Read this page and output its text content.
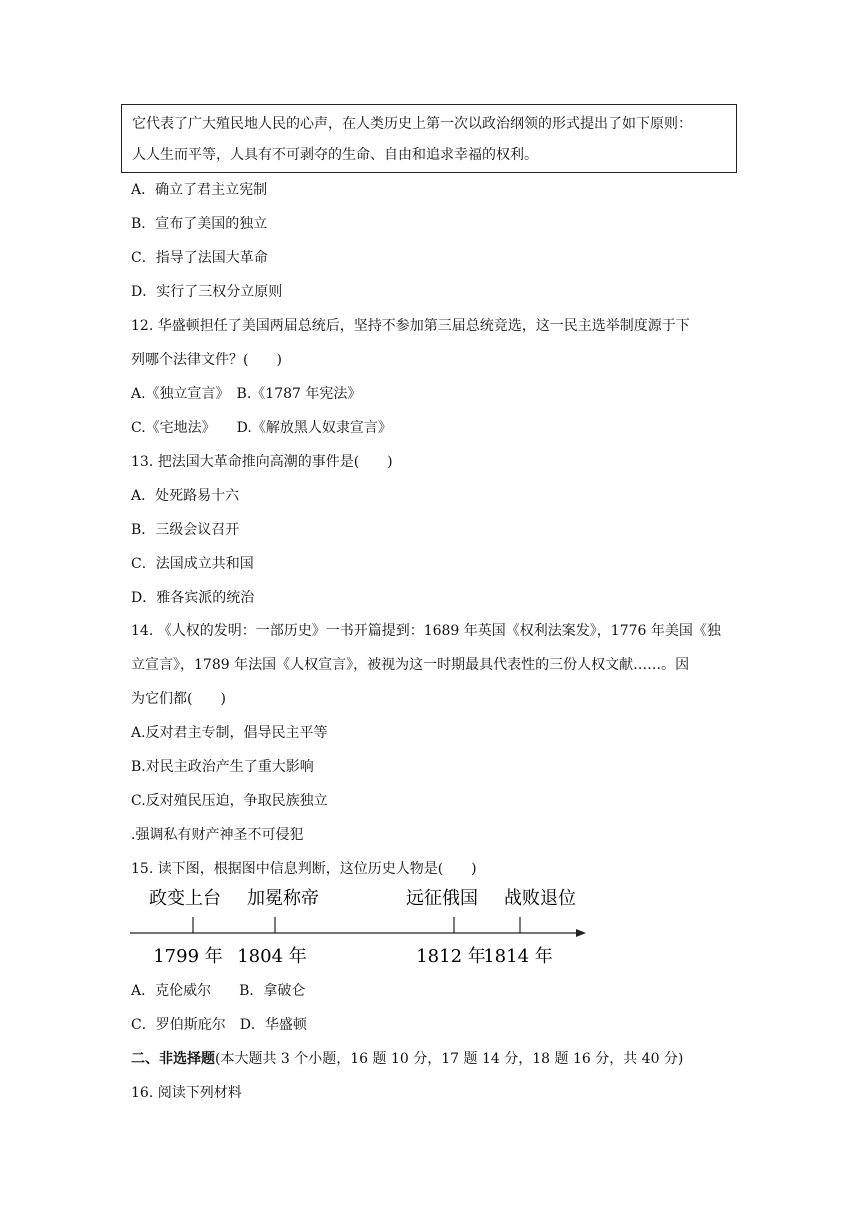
它代表了广大殖民地人民的心声，在人类历史上第一次以政治纲领的形式提出了如下原则：
人人生而平等，人具有不可剥夺的生命、自由和追求幸福的权利。
A．确立了君主立宪制
B．宣布了美国的独立
C．指导了法国大革命
D．实行了三权分立原则
12. 华盛顿担任了美国两届总统后，坚持不参加第三届总统竞选，这一民主选举制度源于下
列哪个法律文件？(　　)
A.《独立宣言》　B.《1787 年宪法》
C.《宅地法》　　D.《解放黑人奴隶宣言》
13. 把法国大革命推向高潮的事件是(　　)
A．处死路易十六
B．三级会议召开
C．法国成立共和国
D．雅各宾派的统治
14. 《人权的发明：一部历史》一书开篇提到：1689 年英国《权利法案发》，1776 年美国《独
立宣言》，1789 年法国《人权宣言》，被视为这一时期最具代表性的三份人权文献……。因
为它们都(　　)
A.反对君主专制，倡导民主平等
B.对民主政治产生了重大影响
C.反对殖民压迫，争取民族独立
.强调私有财产神圣不可侵犯
15. 读下图，根据图中信息判断，这位历史人物是(　　)
政变上台 加冕称帝	远征俄国 战败退位
1799 年 1804 年	1812 年
1814 年
A．克伦威尔　　B．拿破仑
C．罗伯斯庇尔　D．华盛顿
二、非选择题(本大题共 3 个小题，16 题 10 分，17 题 14 分，18 题 16 分，共 40 分)
16. 阅读下列材料
